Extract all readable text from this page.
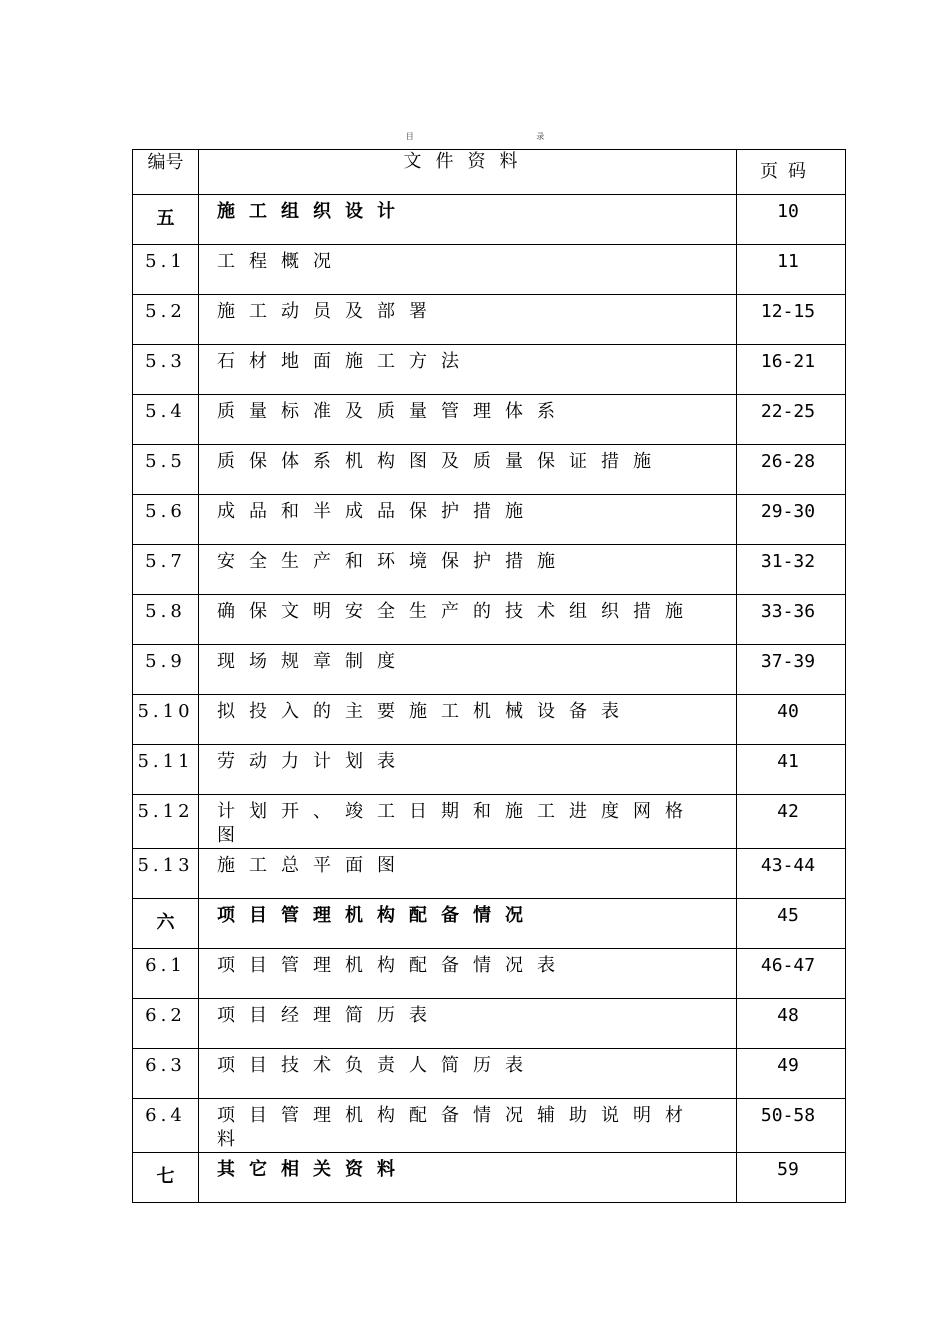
目 录
编号	文件资料	页码
五	施工组织设计	10
5.1	工程概况	11
5.2	施工动员及部署	12-15
5.3	石材地面施工方法	16-21
5.4	质量标准及质量管理体系	22-25
5.5	质保体系机构图及质量保证措施	26-28
5.6	成品和半成品保护措施	29-30
5.7	安全生产和环境保护措施	31-32
5.8	确保文明安全生产的技术组织措施	33-36
5.9	现场规章制度	37-39
5.10	拟投入的主要施工机械设备表	40
5.11	劳动力计划表	41
5.12	计划开、竣工日期和施工进度网格图	42
5.13	施工总平面图	43-44
六	项目管理机构配备情况	45
6.1	项目管理机构配备情况表	46-47
6.2	项目经理简历表	48
6.3	项目技术负责人简历表	49
6.4	项目管理机构配备情况辅助说明材料	50-58
七	其它相关资料	59
